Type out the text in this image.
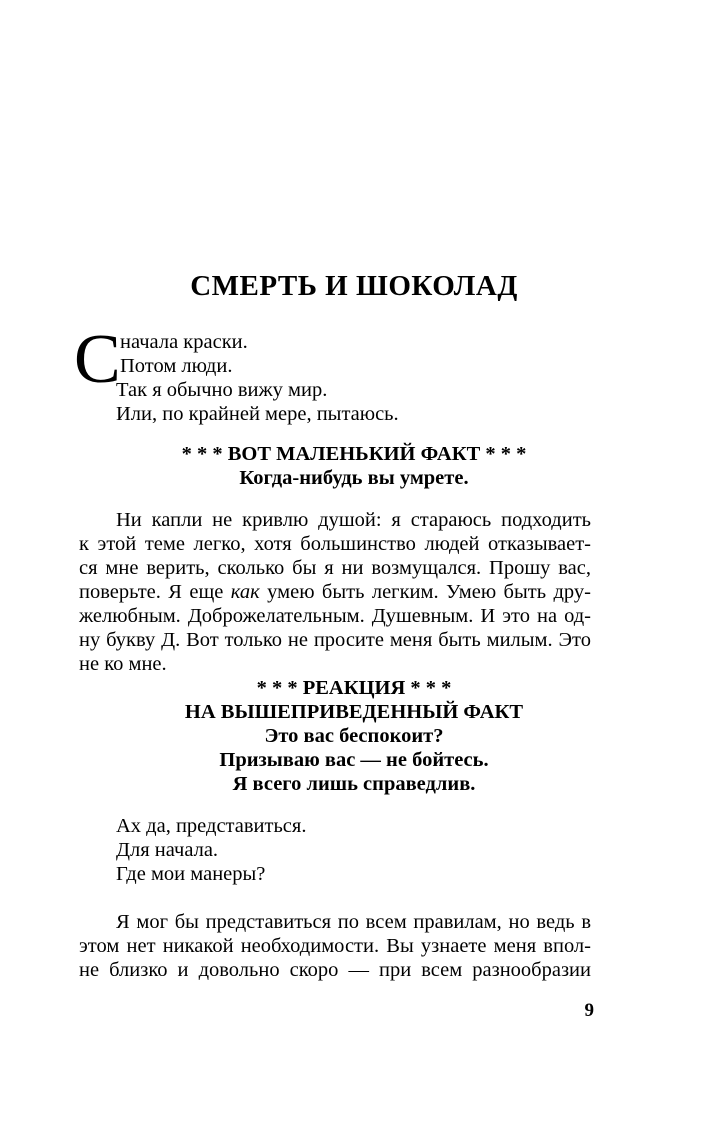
СМЕРТЬ И ШОКОЛАД
С начала краски.
Потом люди.
Так я обычно вижу мир.
Или, по крайней мере, пытаюсь.
* * * ВОТ МАЛЕНЬКИЙ ФАКТ * * *
Когда-нибудь вы умрете.
Ни капли не кривлю душой: я стараюсь подходить
к этой теме легко, хотя большинство людей отказывает-
ся мне верить, сколько бы я ни возмущался. Прошу вас,
поверьте. Я еще как умею быть легким. Умею быть дру-
желюбным. Доброжелательным. Душевным. И это на од-
ну букву Д. Вот только не просите меня быть милым. Это
не ко мне.
* * * РЕАКЦИЯ * * *
НА ВЫШЕПРИВЕДЕННЫЙ ФАКТ
Это вас беспокоит?
Призываю вас — не бойтесь.
Я всего лишь справедлив.
Ах да, представиться.
Для начала.
Где мои манеры?
Я мог бы представиться по всем правилам, но ведь в
этом нет никакой необходимости. Вы узнаете меня впол-
не близко и довольно скоро — при всем разнообразии
9
